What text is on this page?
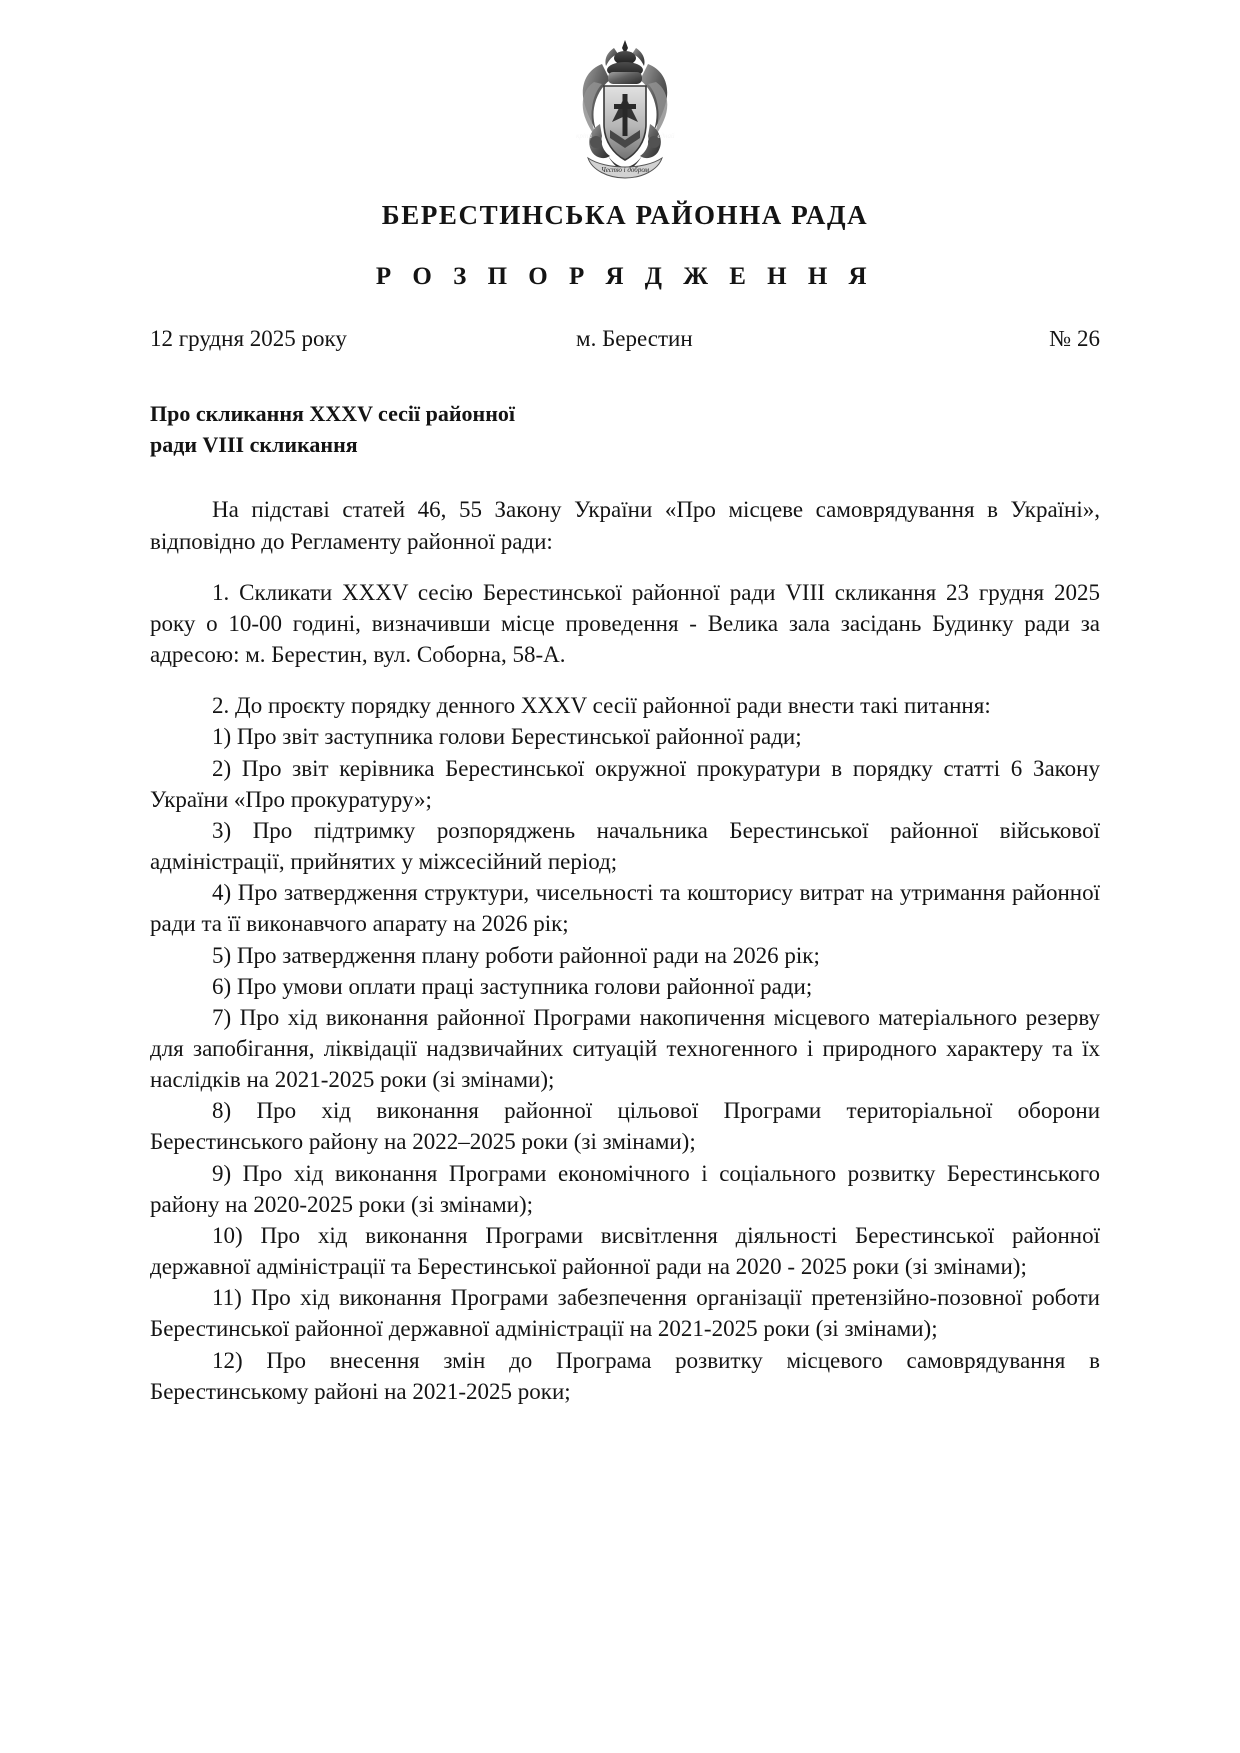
Честю і добром
кріпи	єднай
БЕРЕСТИНСЬКА РАЙОННА РАДА
Р О З П О Р Я Д Ж Е Н Н Я
12 грудня 2025 року	м. Берестин	№ 26
Про скликання XXXV сесії районної
ради VIII скликання

На підставі статей 46, 55 Закону України «Про місцеве самоврядування в Україні», відповідно до Регламенту районної ради:

1. Скликати XXXV сесію Берестинської районної ради VIII скликання 23 грудня 2025 року о 10-00 годині, визначивши місце проведення - Велика зала засідань Будинку ради за адресою: м. Берестин, вул. Соборна, 58-А.

2. До проєкту порядку денного XXXV сесії районної ради внести такі питання:

1) Про звіт заступника голови Берестинської районної ради;

2) Про звіт керівника Берестинської окружної прокуратури в порядку статті 6 Закону України «Про прокуратуру»;

3) Про підтримку розпоряджень начальника Берестинської районної військової адміністрації, прийнятих у міжсесійний період;

4) Про затвердження структури, чисельності та кошторису витрат на утримання районної ради та її виконавчого апарату на 2026 рік;

5) Про затвердження плану роботи районної ради на 2026 рік;

6) Про умови оплати праці заступника голови районної ради;

7) Про хід виконання районної Програми накопичення місцевого матеріального резерву для запобігання, ліквідації надзвичайних ситуацій техногенного і природного характеру та їх наслідків на 2021-2025 роки (зі змінами);

8) Про хід виконання районної цільової Програми територіальної оборони Берестинського району на 2022–2025 роки (зі змінами);

9) Про хід виконання Програми економічного і соціального розвитку Берестинського району на 2020-2025 роки (зі змінами);

10) Про хід виконання Програми висвітлення діяльності Берестинської районної державної адміністрації та Берестинської районної ради на 2020 - 2025 роки (зі змінами);

11) Про хід виконання Програми забезпечення організації претензійно-позовної роботи Берестинської районної державної адміністрації на 2021-2025 роки (зі змінами);

12) Про внесення змін до Програма розвитку місцевого самоврядування в Берестинському районі на 2021-2025 роки;
